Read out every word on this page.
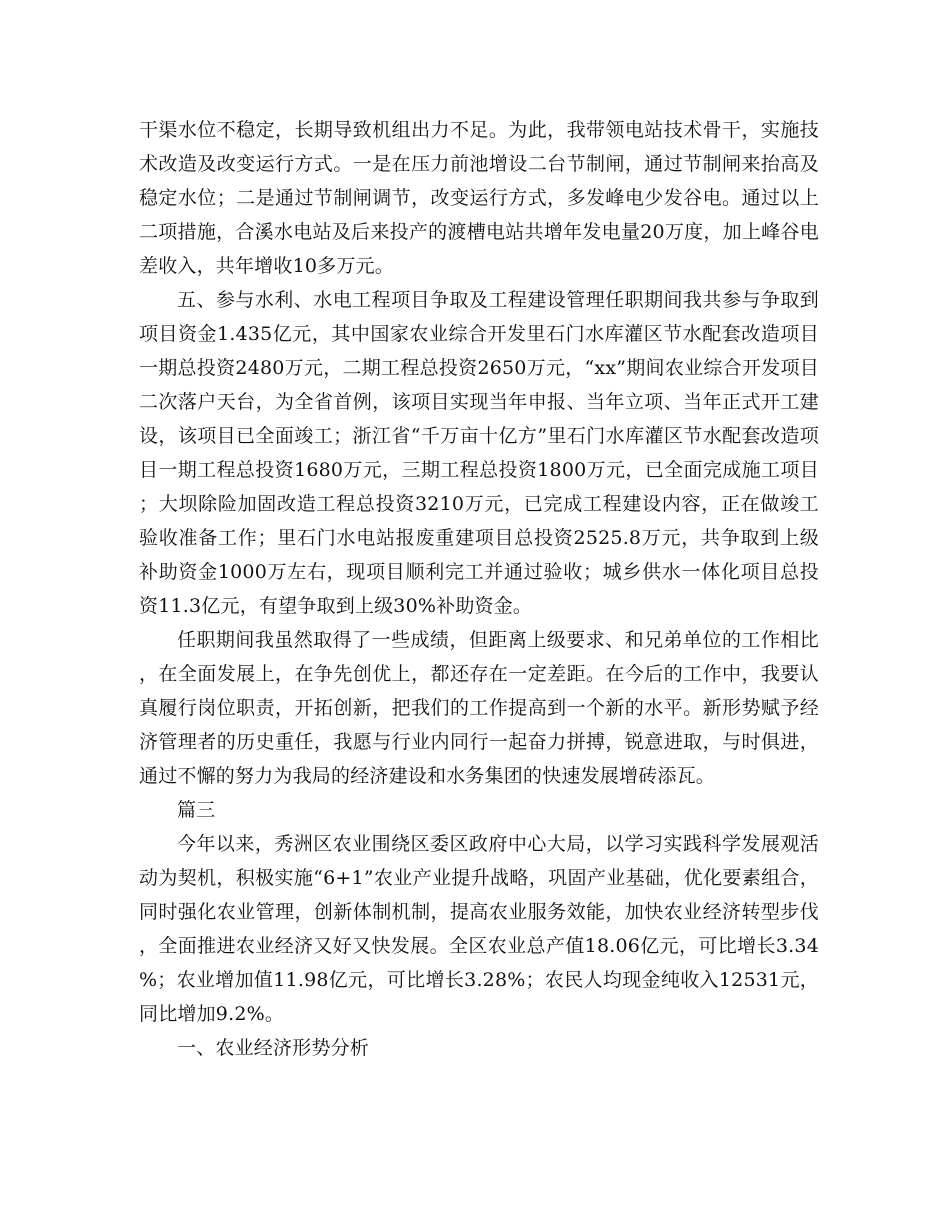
干渠水位不稳定，长期导致机组出力不足。为此，我带领电站技术骨干，实施技术改造及改变运行方式。一是在压力前池增设二台节制闸，通过节制闸来抬高及稳定水位；二是通过节制闸调节，改变运行方式，多发峰电少发谷电。通过以上二项措施，合溪水电站及后来投产的渡槽电站共增年发电量20万度，加上峰谷电差收入，共年增收10多万元。

五、参与水利、水电工程项目争取及工程建设管理任职期间我共参与争取到项目资金1.435亿元，其中国家农业综合开发里石门水库灌区节水配套改造项目一期总投资2480万元，二期工程总投资2650万元，“xx”期间农业综合开发项目二次落户天台，为全省首例，该项目实现当年申报、当年立项、当年正式开工建设，该项目已全面竣工；浙江省“千万亩十亿方”里石门水库灌区节水配套改造项目一期工程总投资1680万元，三期工程总投资1800万元，已全面完成施工项目；大坝除险加固改造工程总投资3210万元，已完成工程建设内容，正在做竣工验收准备工作；里石门水电站报废重建项目总投资2525.8万元，共争取到上级补助资金1000万左右，现项目顺利完工并通过验收；城乡供水一体化项目总投资11.3亿元，有望争取到上级30%补助资金。

任职期间我虽然取得了一些成绩，但距离上级要求、和兄弟单位的工作相比，在全面发展上，在争先创优上，都还存在一定差距。在今后的工作中，我要认真履行岗位职责，开拓创新，把我们的工作提高到一个新的水平。新形势赋予经济管理者的历史重任，我愿与行业内同行一起奋力拼搏，锐意进取，与时俱进，通过不懈的努力为我局的经济建设和水务集团的快速发展增砖添瓦。

篇三

今年以来，秀洲区农业围绕区委区政府中心大局，以学习实践科学发展观活动为契机，积极实施“6+1”农业产业提升战略，巩固产业基础，优化要素组合，同时强化农业管理，创新体制机制，提高农业服务效能，加快农业经济转型步伐，全面推进农业经济又好又快发展。全区农业总产值18.06亿元，可比增长3.34%；农业增加值11.98亿元，可比增长3.28%；农民人均现金纯收入12531元，同比增加9.2%。

一、农业经济形势分析
